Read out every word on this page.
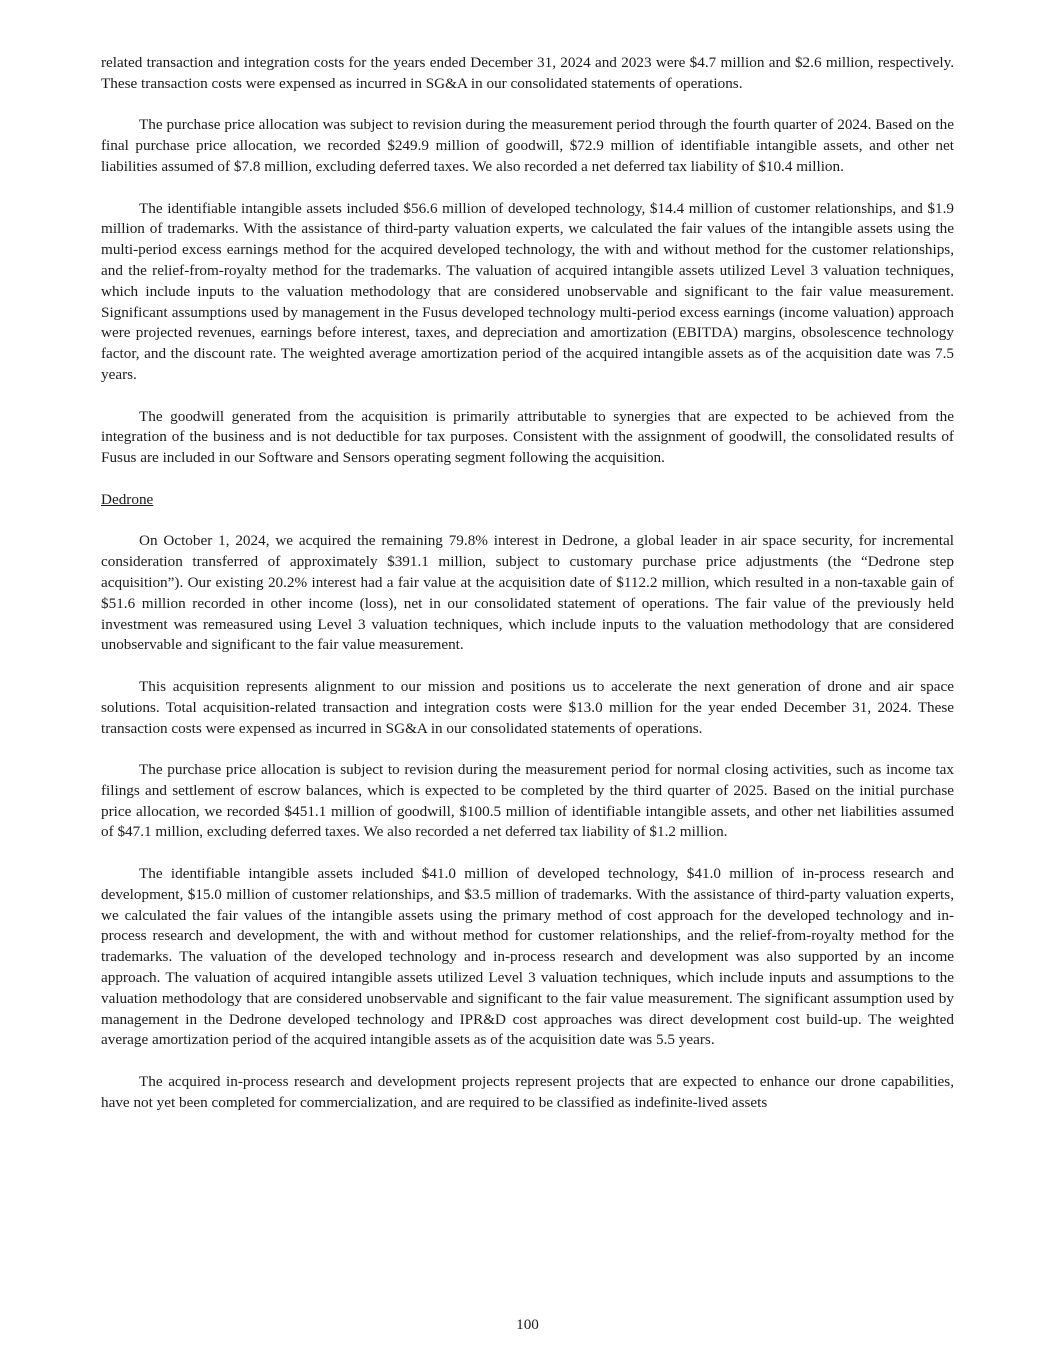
related transaction and integration costs for the years ended December 31, 2024 and 2023 were $4.7 million and $2.6 million, respectively. These transaction costs were expensed as incurred in SG&A in our consolidated statements of operations.

The purchase price allocation was subject to revision during the measurement period through the fourth quarter of 2024. Based on the final purchase price allocation, we recorded $249.9 million of goodwill, $72.9 million of identifiable intangible assets, and other net liabilities assumed of $7.8 million, excluding deferred taxes. We also recorded a net deferred tax liability of $10.4 million.

The identifiable intangible assets included $56.6 million of developed technology, $14.4 million of customer relationships, and $1.9 million of trademarks. With the assistance of third-party valuation experts, we calculated the fair values of the intangible assets using the multi-period excess earnings method for the acquired developed technology, the with and without method for the customer relationships, and the relief-from-royalty method for the trademarks. The valuation of acquired intangible assets utilized Level 3 valuation techniques, which include inputs to the valuation methodology that are considered unobservable and significant to the fair value measurement. Significant assumptions used by management in the Fusus developed technology multi-period excess earnings (income valuation) approach were projected revenues, earnings before interest, taxes, and depreciation and amortization (EBITDA) margins, obsolescence technology factor, and the discount rate. The weighted average amortization period of the acquired intangible assets as of the acquisition date was 7.5 years.

The goodwill generated from the acquisition is primarily attributable to synergies that are expected to be achieved from the integration of the business and is not deductible for tax purposes. Consistent with the assignment of goodwill, the consolidated results of Fusus are included in our Software and Sensors operating segment following the acquisition.

Dedrone

On October 1, 2024, we acquired the remaining 79.8% interest in Dedrone, a global leader in air space security, for incremental consideration transferred of approximately $391.1 million, subject to customary purchase price adjustments (the “Dedrone step acquisition”). Our existing 20.2% interest had a fair value at the acquisition date of $112.2 million, which resulted in a non-taxable gain of $51.6 million recorded in other income (loss), net in our consolidated statement of operations. The fair value of the previously held investment was remeasured using Level 3 valuation techniques, which include inputs to the valuation methodology that are considered unobservable and significant to the fair value measurement.

This acquisition represents alignment to our mission and positions us to accelerate the next generation of drone and air space solutions. Total acquisition-related transaction and integration costs were $13.0 million for the year ended December 31, 2024. These transaction costs were expensed as incurred in SG&A in our consolidated statements of operations.

The purchase price allocation is subject to revision during the measurement period for normal closing activities, such as income tax filings and settlement of escrow balances, which is expected to be completed by the third quarter of 2025. Based on the initial purchase price allocation, we recorded $451.1 million of goodwill, $100.5 million of identifiable intangible assets, and other net liabilities assumed of $47.1 million, excluding deferred taxes. We also recorded a net deferred tax liability of $1.2 million.

The identifiable intangible assets included $41.0 million of developed technology, $41.0 million of in-process research and development, $15.0 million of customer relationships, and $3.5 million of trademarks. With the assistance of third-party valuation experts, we calculated the fair values of the intangible assets using the primary method of cost approach for the developed technology and in-process research and development, the with and without method for customer relationships, and the relief-from-royalty method for the trademarks. The valuation of the developed technology and in-process research and development was also supported by an income approach. The valuation of acquired intangible assets utilized Level 3 valuation techniques, which include inputs and assumptions to the valuation methodology that are considered unobservable and significant to the fair value measurement. The significant assumption used by management in the Dedrone developed technology and IPR&D cost approaches was direct development cost build-up. The weighted average amortization period of the acquired intangible assets as of the acquisition date was 5.5 years.

The acquired in-process research and development projects represent projects that are expected to enhance our drone capabilities, have not yet been completed for commercialization, and are required to be classified as indefinite-lived assets

100
